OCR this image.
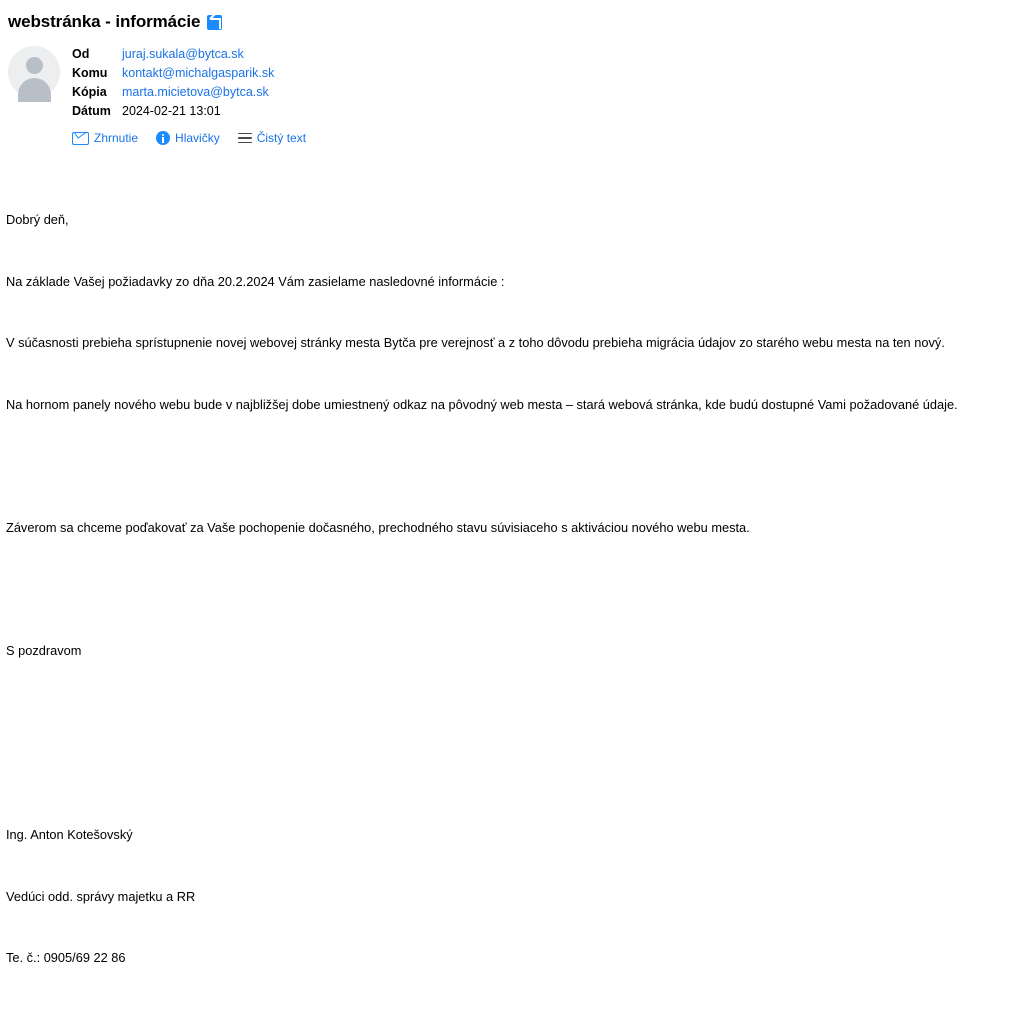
webstránka - informácie
Od	juraj.sukala@bytca.sk
Komu	kontakt@michalgasparik.sk
Kópia	marta.micietova@bytca.sk
Dátum 2024-02-21 13:01
Zhrnutie	Hlavičky	Čistý text

Dobrý deň,

Na základe Vašej požiadavky zo dňa 20.2.2024 Vám zasielame nasledovné informácie :

V súčasnosti prebieha sprístupnenie novej webovej stránky mesta Bytča pre verejnosť a z toho dôvodu prebieha migrácia údajov zo starého webu mesta na ten nový.

Na hornom panely nového webu bude v najbližšej dobe umiestnený odkaz na pôvodný web mesta – stará webová stránka, kde budú dostupné Vami požadované údaje.

Záverom sa chceme poďakovať za Vaše pochopenie dočasného, prechodného stavu súvisiaceho s aktiváciou nového webu mesta.

S pozdravom

Ing. Anton Kotešovský

Vedúci odd. správy majetku a RR

Te. č.: 0905/69 22 86
